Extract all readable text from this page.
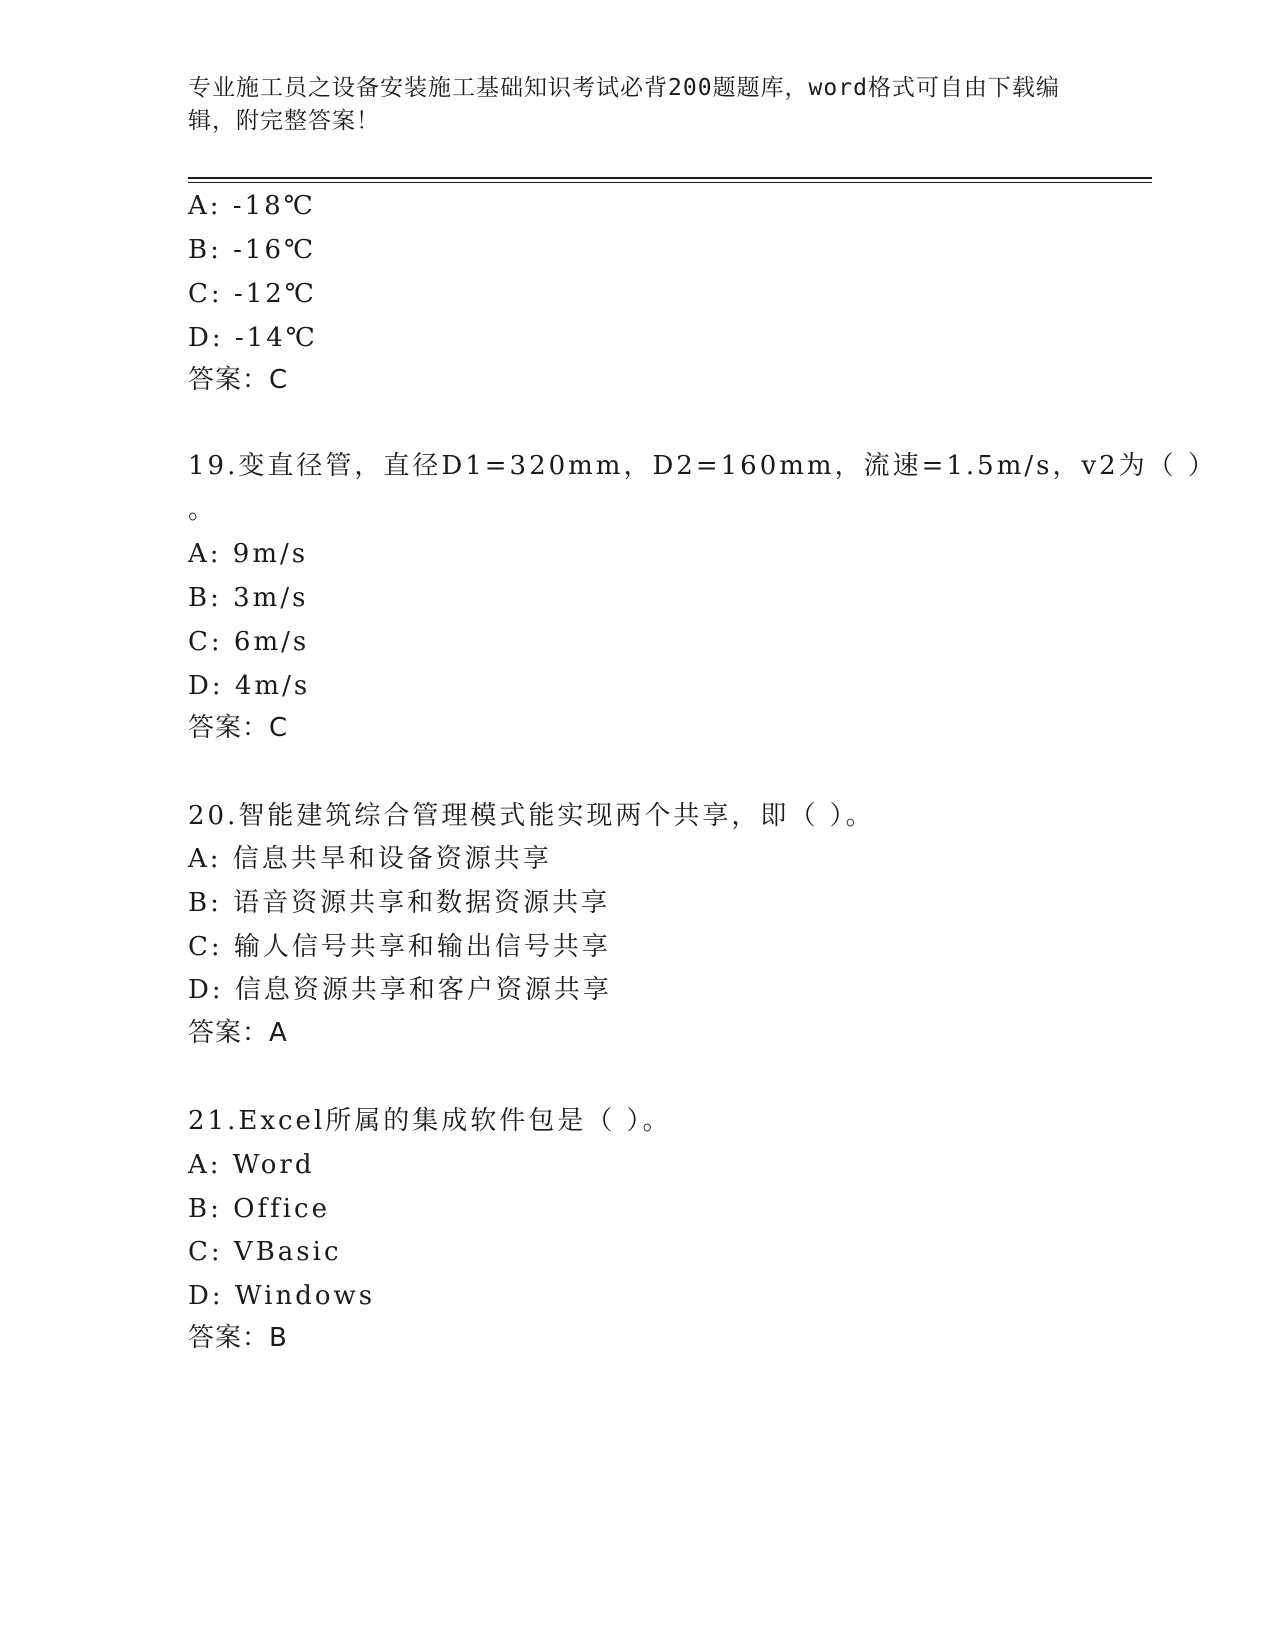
专业施工员之设备安装施工基础知识考试必背200题题库，word格式可自由下载编辑，附完整答案！
A: -18℃
B: -16℃
C: -12℃
D: -14℃
答案：C
19.变直径管，直径D1=320mm，D2=160mm，流速=1.5m/s，v2为（ ）
。
A: 9m/s
B: 3m/s
C: 6m/s
D: 4m/s
答案：C
20.智能建筑综合管理模式能实现两个共享，即（ ）。
A: 信息共旱和设备资源共享
B: 语音资源共享和数据资源共享
C: 输人信号共享和输出信号共享
D: 信息资源共享和客户资源共享
答案：A
21.Excel所属的集成软件包是（ ）。
A: Word
B: Office
C: VBasic
D: Windows
答案：B
